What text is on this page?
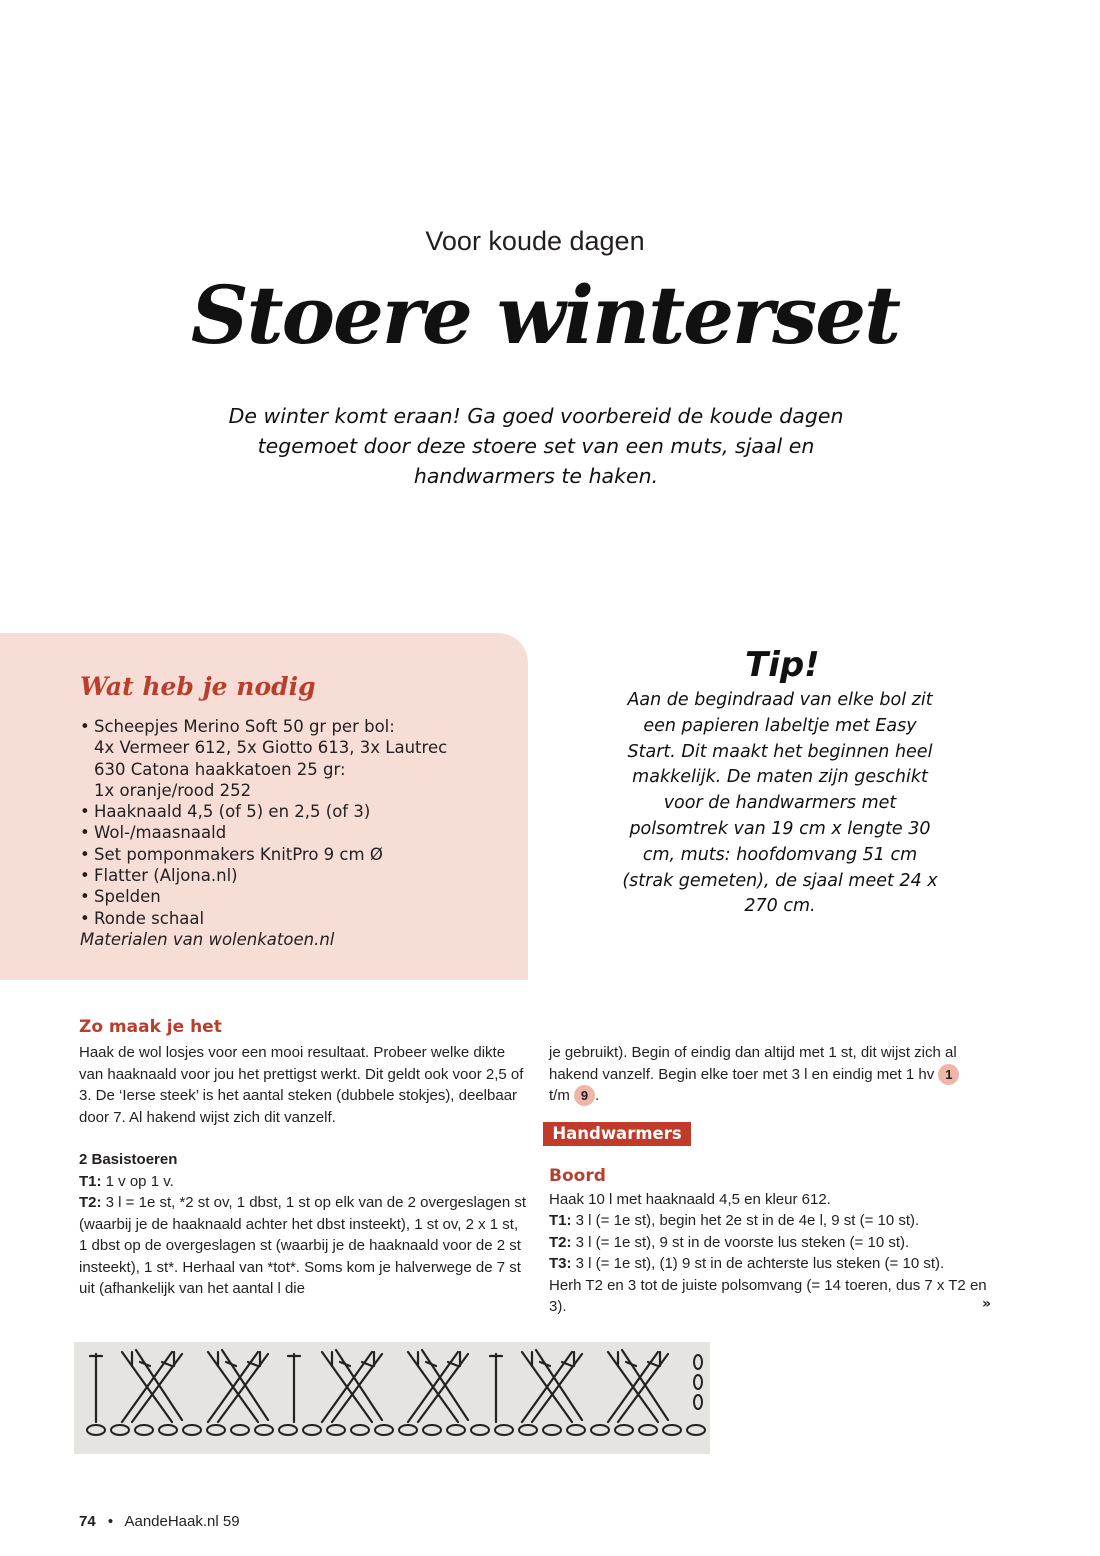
Voor koude dagen
Stoere winterset
De winter komt eraan! Ga goed voorbereid de koude dagen tegemoet door deze stoere set van een muts, sjaal en handwarmers te haken.
Wat heb je nodig
• Scheepjes Merino Soft 50 gr per bol:
4x Vermeer 612, 5x Giotto 613, 3x Lautrec
630 Catona haakkatoen 25 gr:
1x oranje/rood 252
• Haaknaald 4,5 (of 5) en 2,5 (of 3)
• Wol-/maasnaald
• Set pomponmakers KnitPro 9 cm Ø
• Flatter (Aljona.nl)
• Spelden
• Ronde schaal
Materialen van wolenkatoen.nl
Tip!
Aan de begindraad van elke bol zit een papieren labeltje met Easy Start. Dit maakt het beginnen heel makkelijk. De maten zijn geschikt voor de handwarmers met polsomtrek van 19 cm x lengte 30 cm, muts: hoofdomvang 51 cm (strak gemeten), de sjaal meet 24 x 270 cm.
Zo maak je het

Haak de wol losjes voor een mooi resultaat. Probeer welke dikte van haaknaald voor jou het prettigst werkt. Dit geldt ook voor 2,5 of 3. De ‘Ierse steek’ is het aantal steken (dubbele stokjes), deelbaar door 7. Al hakend wijst zich dit vanzelf.

2 Basistoeren

T1: 1 v op 1 v.

T2: 3 l = 1e st, *2 st ov, 1 dbst, 1 st op elk van de 2 overgeslagen st (waarbij je de haaknaald achter het dbst insteekt), 1 st ov, 2 x 1 st, 1 dbst op de overgeslagen st (waarbij je de haaknaald voor de 2 st insteekt), 1 st*. Herhaal van *tot*. Soms kom je halverwege de 7 st uit (afhankelijk van het aantal l die

je gebruikt). Begin of eindig dan altijd met 1 st, dit wijst zich al hakend vanzelf. Begin elke toer met 3 l en eindig met 1 hv 1 t/m 9 .

Handwarmers
Boord

Haak 10 l met haaknaald 4,5 en kleur 612.

T1: 3 l (= 1e st), begin het 2e st in de 4e l, 9 st (= 10 st).

T2: 3 l (= 1e st), 9 st in de voorste lus steken (= 10 st).

T3: 3 l (= 1e st), (1) 9 st in de achterste lus steken (= 10 st).

Herh T2 en 3 tot de juiste polsomvang (= 14 toeren, dus 7 x T2 en 3).	»
74 • AandeHaak.nl 59
